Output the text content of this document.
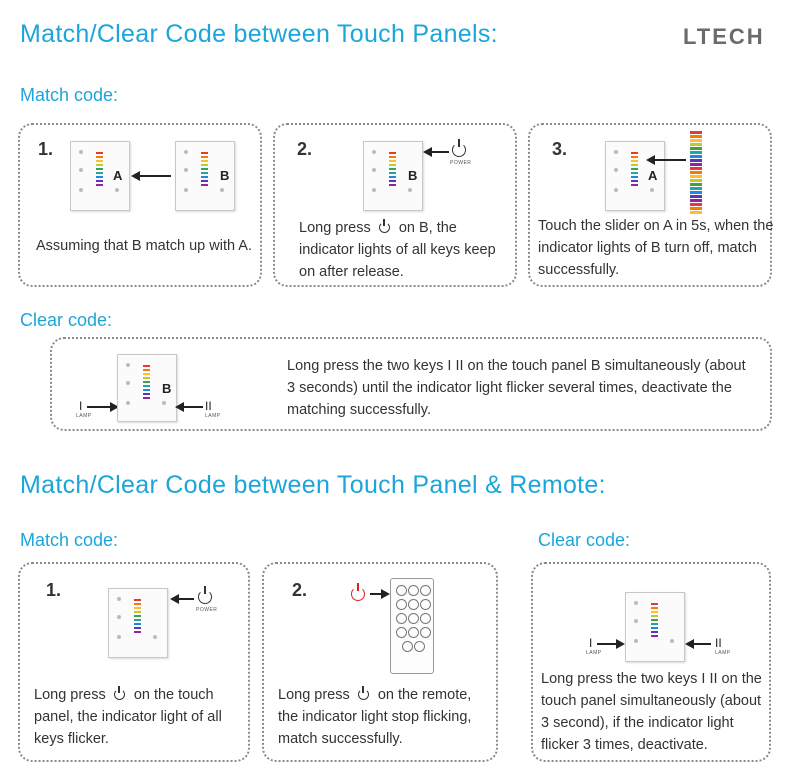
Match/Clear Code between Touch Panels:	LTECH
Match code:
1.
A	B
Assuming that B match up with A.
2.
B
POWER
Long press on B, the indicator lights of all keys keep on after release.
3.
A
Touch the slider on A in 5s, when the indicator lights of B turn off, match successfully.
Clear code:
I
LAMP
B
II
LAMP
Long press the two keys I II on the touch panel B simultaneously (about 3 seconds) until the indicator light flicker several times, deactivate the matching successfully.
Match/Clear Code between Touch Panel & Remote:
Match code:	Clear code:
1.
POWER
Long press on the touch panel, the indicator light of all keys flicker.
2.
Long press on the remote, the indicator light stop flicking, match successfully.
I
LAMP
II
LAMP
Long press the two keys I II on the touch panel simultaneously (about 3 second), if the indicator light flicker 3 times, deactivate.
